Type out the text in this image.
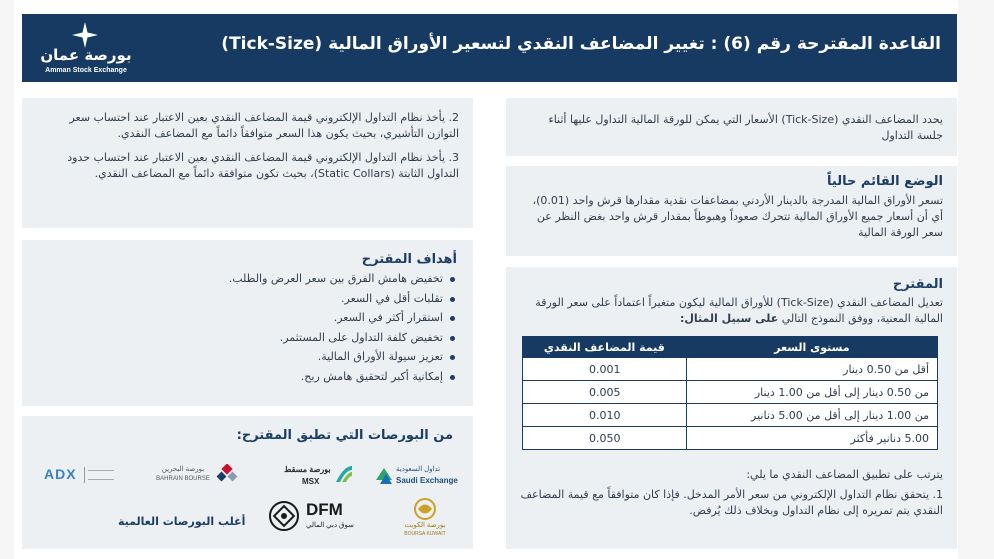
بورصة عمان
Amman Stock Exchange
القاعدة المقترحة رقم (6) : تغيير المضاعف النقدي لتسعير الأوراق المالية (Tick-Size)
يحدد المضاعف النقدي (Tick-Size) الأسعار التي يمكن للورقة المالية التداول عليها أثناء جلسة التداول
الوضع القائم حالياً
تسعر الأوراق المالية المدرجة بالدينار الأردني بمضاعفات نقدية مقدارها قرش واحد (0.01)، أي أن أسعار جميع الأوراق المالية تتحرك صعوداً وهبوطاً بمقدار قرش واحد بغض النظر عن سعر الورقة المالية
المقترح
تعديل المضاعف النقدي (Tick-Size) للأوراق المالية ليكون متغيراً اعتماداً على سعر الورقة المالية المعنية، ووفق النموذج التالي على سبيل المثال:
قيمة المضاعف النقدي	مستوى السعر
0.001	أقل من 0.50 دينار
0.005	من 0.50 دينار إلى أقل من 1.00 دينار
0.010	من 1.00 دينار إلى أقل من 5.00 دنانير
0.050	5.00 دنانير فأكثر
يترتب على تطبيق المضاعف النقدي ما يلي:
1. يتحقق نظام التداول الإلكتروني من سعر الأمر المدخل. فإذا كان متوافقاً مع قيمة المضاعف النقدي يتم تمريره إلى نظام التداول وبخلاف ذلك يُرفض.
2. يأخذ نظام التداول الإلكتروني قيمة المضاعف النقدي بعين الاعتبار عند احتساب سعر التوازن التأشيري، بحيث يكون هذا السعر متوافقاً دائماً مع المضاعف النقدي.
3. يأخذ نظام التداول الإلكتروني قيمة المضاعف النقدي بعين الاعتبار عند احتساب حدود التداول الثابتة (Static Collars)، بحيث تكون متوافقة دائماً مع المضاعف النقدي.
أهداف المقترح
تخفيض هامش الفرق بين سعر العرض والطلب.
تقلبات أقل في السعر.
استقرار أكثر في السعر.
تخفيض كلفة التداول على المستثمر.
تعزيز سيولة الأوراق المالية.
إمكانية أكبر لتحقيق هامش ربح.
من البورصات التي تطبق المقترح:
تداول السعودية
Saudi Exchange
بورصة مسقط
MSX
بورصة البحرين
BAHRAIN BOURSE
ADX
بورصة الكويت
BOURSA KUWAIT
DFM
سوق دبي المالي
أغلب البورصات العالمية
